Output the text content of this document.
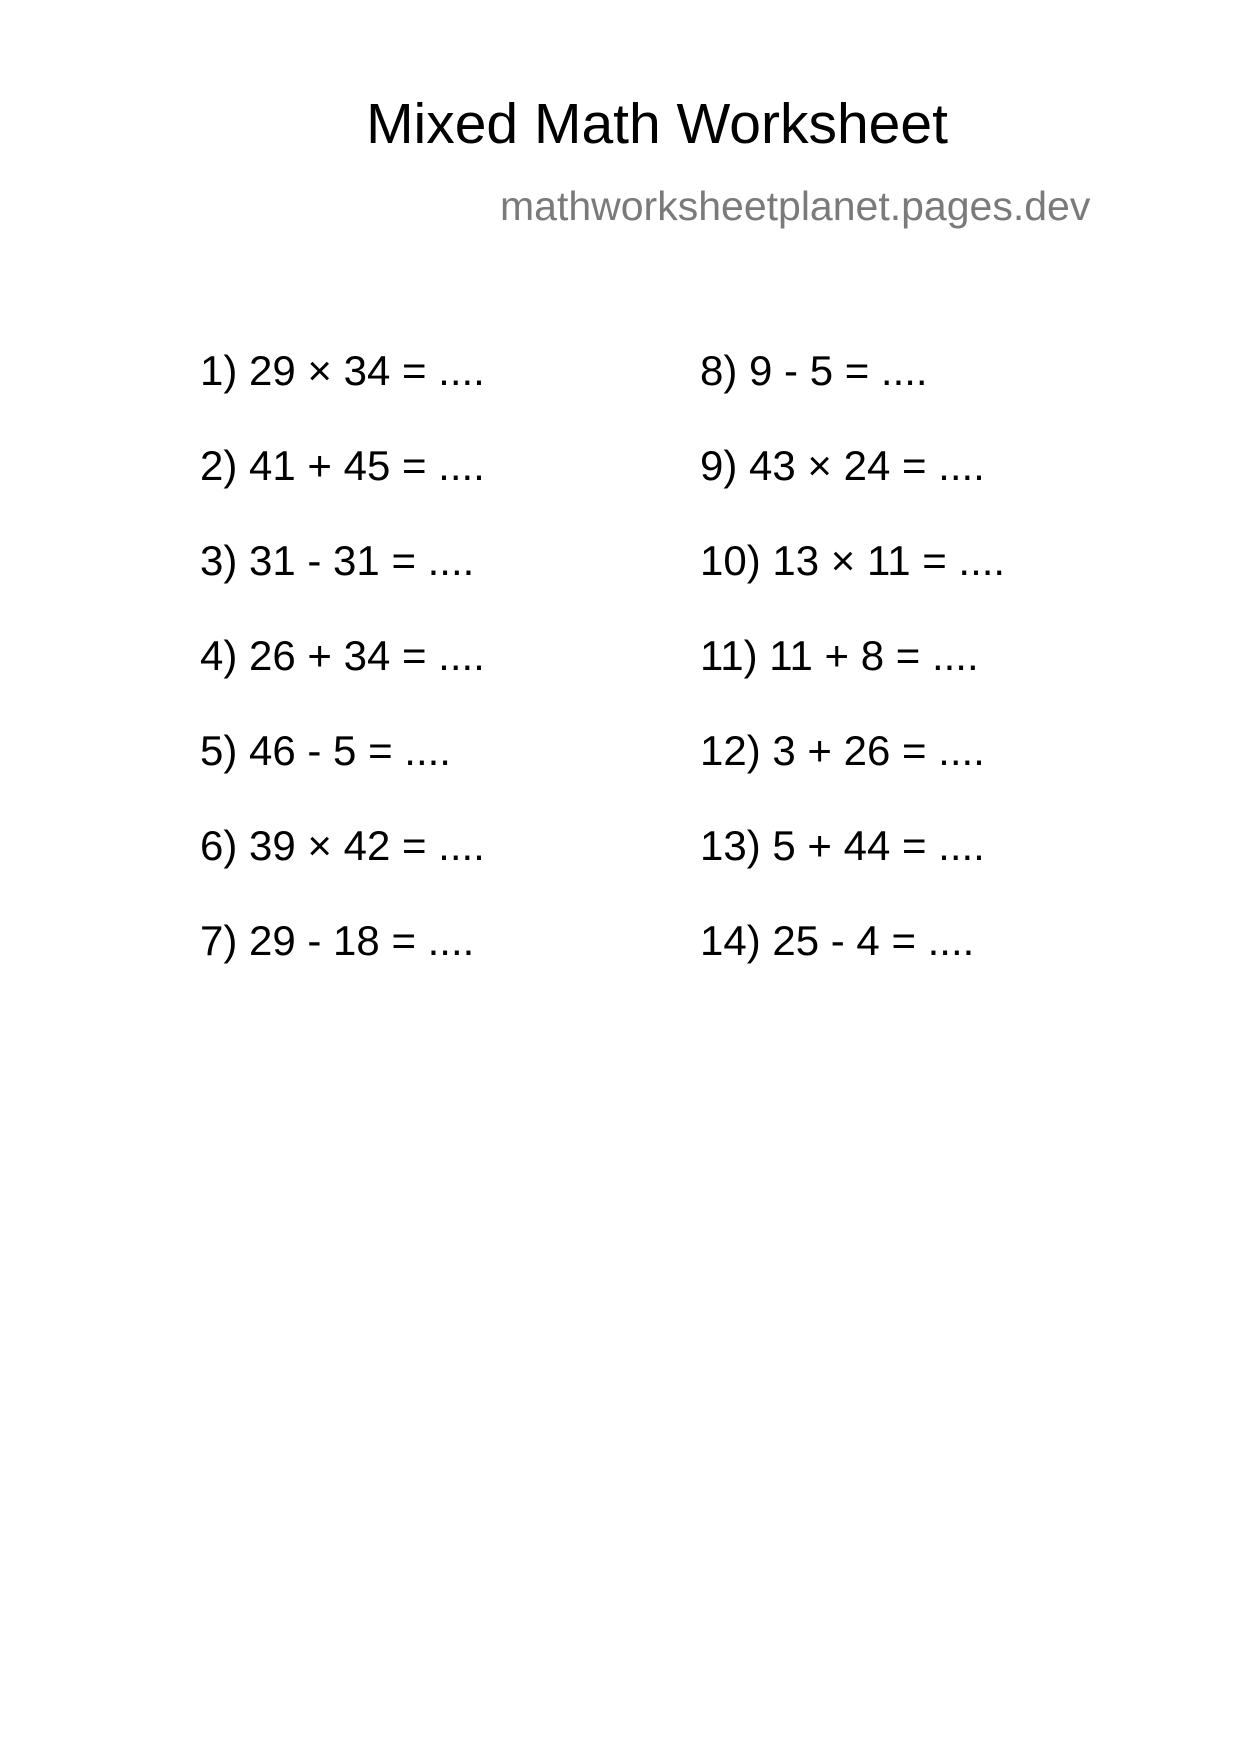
Mixed Math Worksheet
mathworksheetplanet.pages.dev
1) 29 × 34 = ....
2) 41 + 45 = ....
3) 31 - 31 = ....
4) 26 + 34 = ....
5) 46 - 5 = ....
6) 39 × 42 = ....
7) 29 - 18 = ....
8) 9 - 5 = ....
9) 43 × 24 = ....
10) 13 × 11 = ....
11) 11 + 8 = ....
12) 3 + 26 = ....
13) 5 + 44 = ....
14) 25 - 4 = ....
